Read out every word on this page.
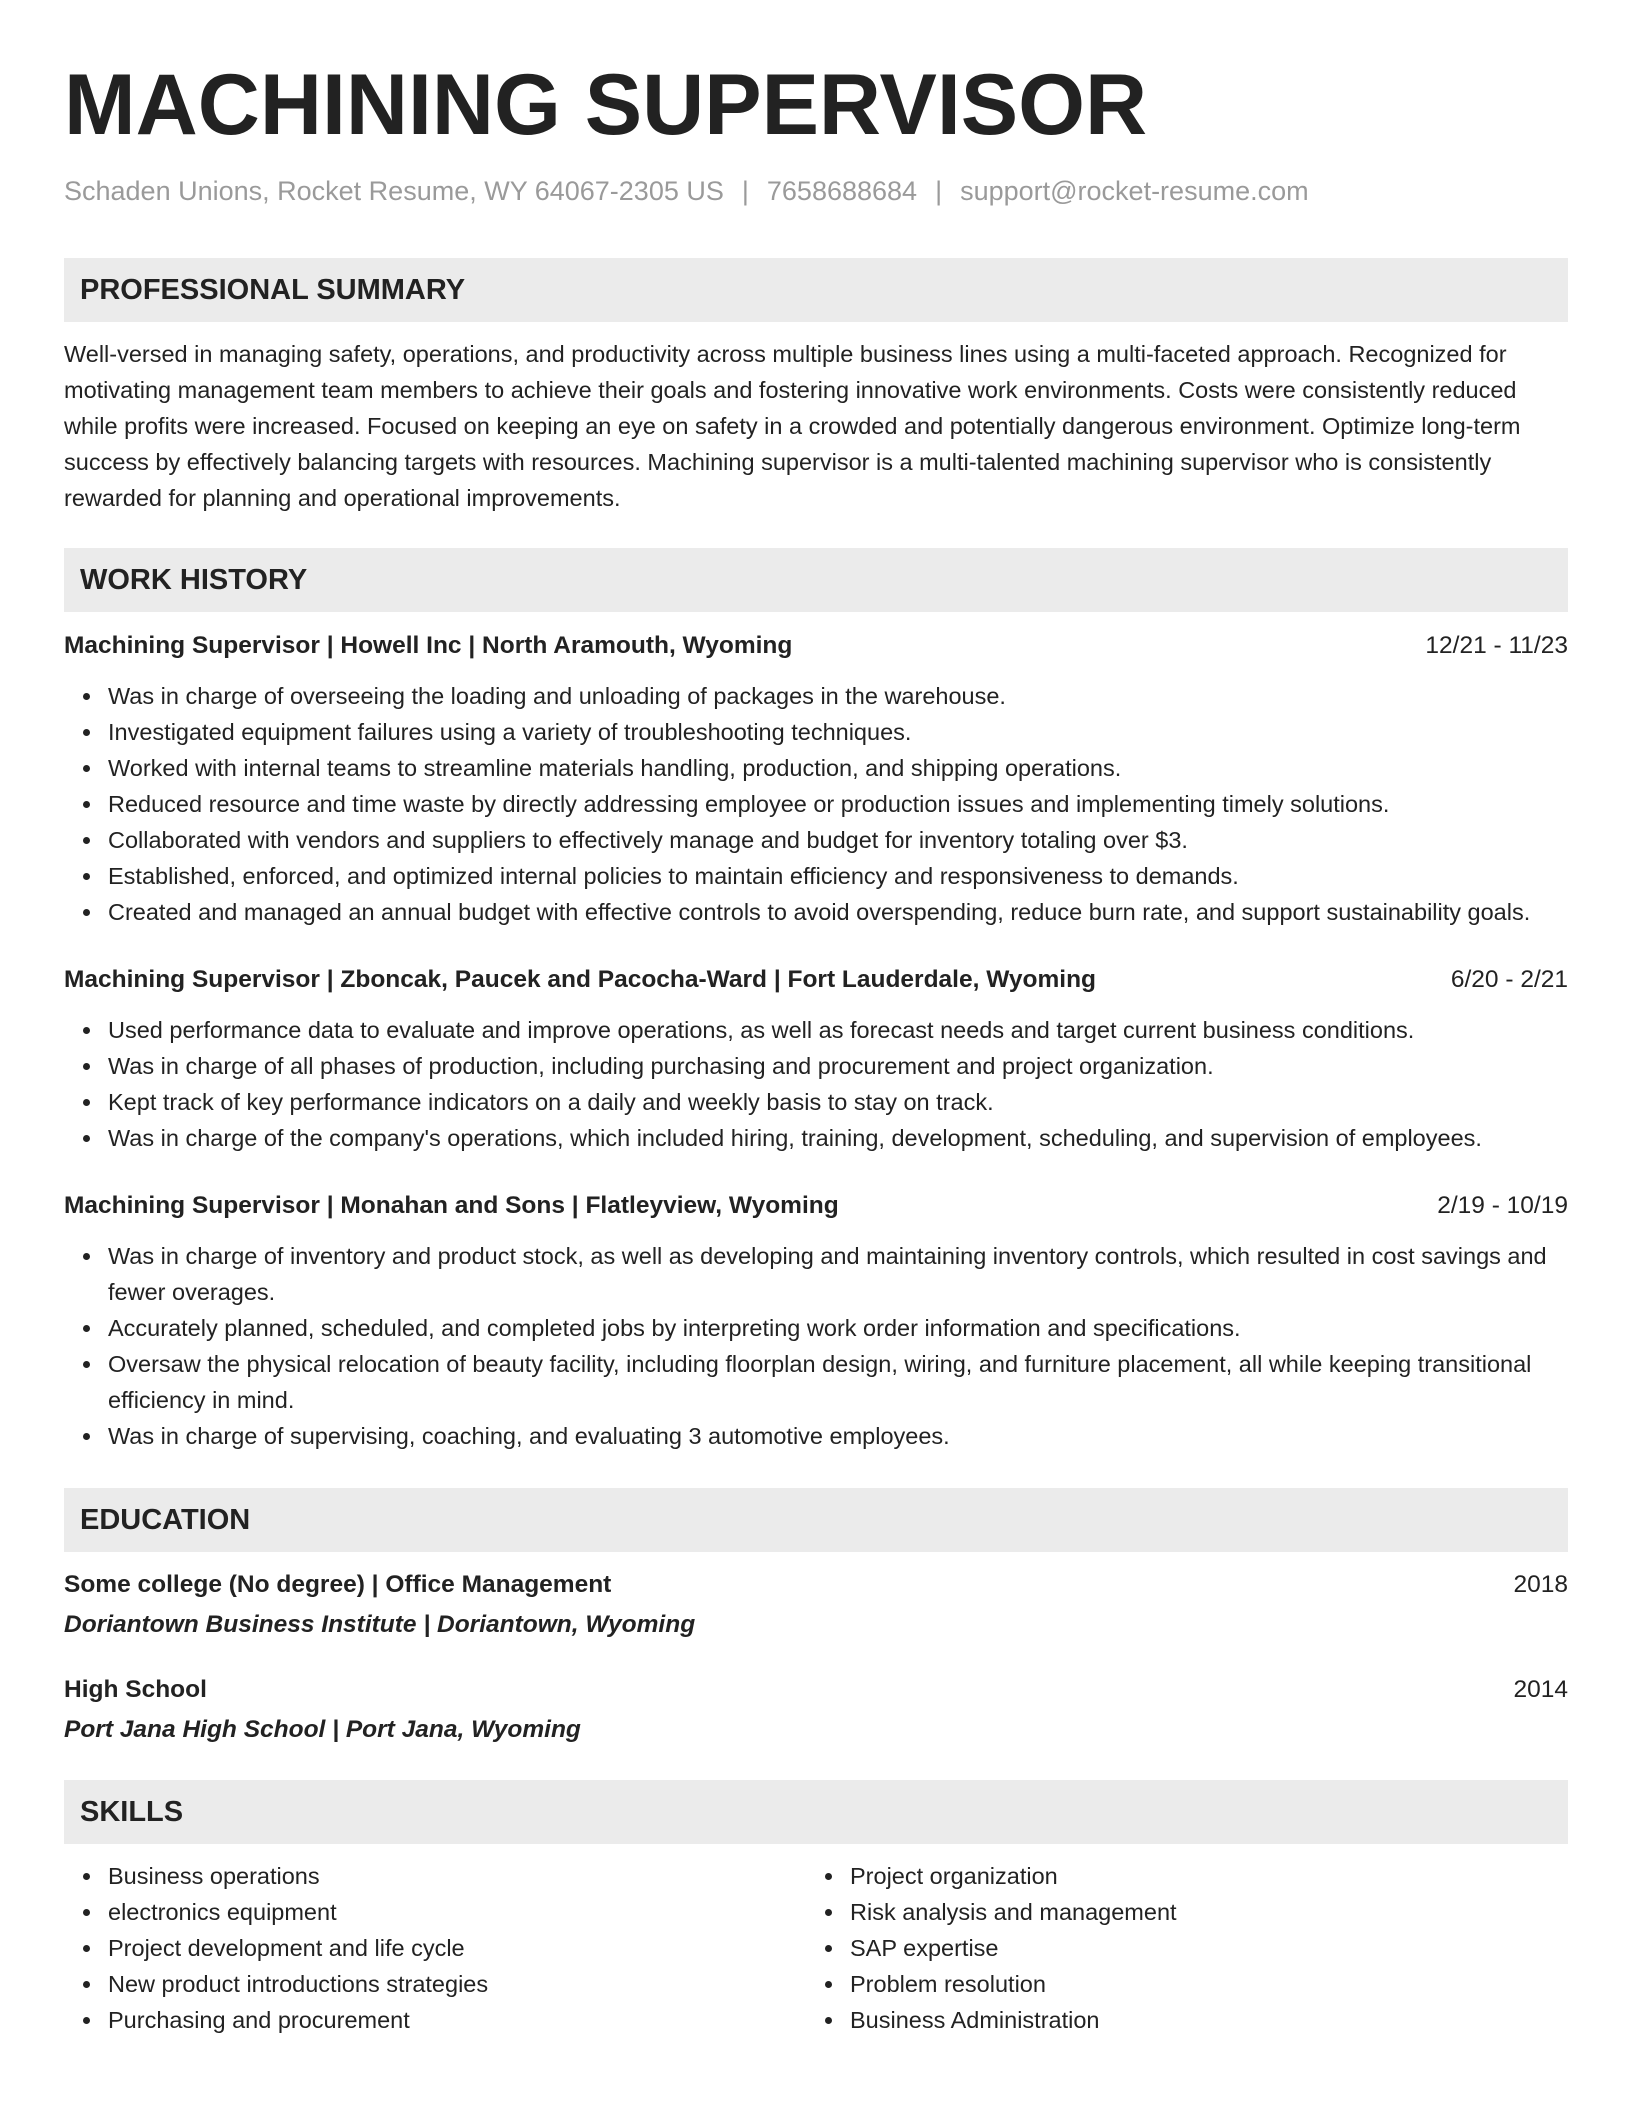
MACHINING SUPERVISOR
Schaden Unions, Rocket Resume, WY 64067-2305 US | 7658688684 | support@rocket-resume.com
PROFESSIONAL SUMMARY

Well-versed in managing safety, operations, and productivity across multiple business lines using a multi-faceted approach. Recognized for motivating management team members to achieve their goals and fostering innovative work environments. Costs were consistently reduced while profits were increased. Focused on keeping an eye on safety in a crowded and potentially dangerous environment. Optimize long-term success by effectively balancing targets with resources. Machining supervisor is a multi-talented machining supervisor who is consistently rewarded for planning and operational improvements.

WORK HISTORY
Machining Supervisor | Howell Inc | North Aramouth, Wyoming	12/21 - 11/23
Was in charge of overseeing the loading and unloading of packages in the warehouse.
Investigated equipment failures using a variety of troubleshooting techniques.
Worked with internal teams to streamline materials handling, production, and shipping operations.
Reduced resource and time waste by directly addressing employee or production issues and implementing timely solutions.
Collaborated with vendors and suppliers to effectively manage and budget for inventory totaling over $3.
Established, enforced, and optimized internal policies to maintain efficiency and responsiveness to demands.
Created and managed an annual budget with effective controls to avoid overspending, reduce burn rate, and support sustainability goals.
Machining Supervisor | Zboncak, Paucek and Pacocha-Ward | Fort Lauderdale, Wyoming	6/20 - 2/21
Used performance data to evaluate and improve operations, as well as forecast needs and target current business conditions.
Was in charge of all phases of production, including purchasing and procurement and project organization.
Kept track of key performance indicators on a daily and weekly basis to stay on track.
Was in charge of the company's operations, which included hiring, training, development, scheduling, and supervision of employees.
Machining Supervisor | Monahan and Sons | Flatleyview, Wyoming	2/19 - 10/19
Was in charge of inventory and product stock, as well as developing and maintaining inventory controls, which resulted in cost savings and fewer overages.
Accurately planned, scheduled, and completed jobs by interpreting work order information and specifications.
Oversaw the physical relocation of beauty facility, including floorplan design, wiring, and furniture placement, all while keeping transitional efficiency in mind.
Was in charge of supervising, coaching, and evaluating 3 automotive employees.
EDUCATION
Some college (No degree) | Office Management	2018
Doriantown Business Institute | Doriantown, Wyoming
High School	2014
Port Jana High School | Port Jana, Wyoming
SKILLS
Business operations
electronics equipment
Project development and life cycle
New product introductions strategies
Purchasing and procurement
Project organization
Risk analysis and management
SAP expertise
Problem resolution
Business Administration
